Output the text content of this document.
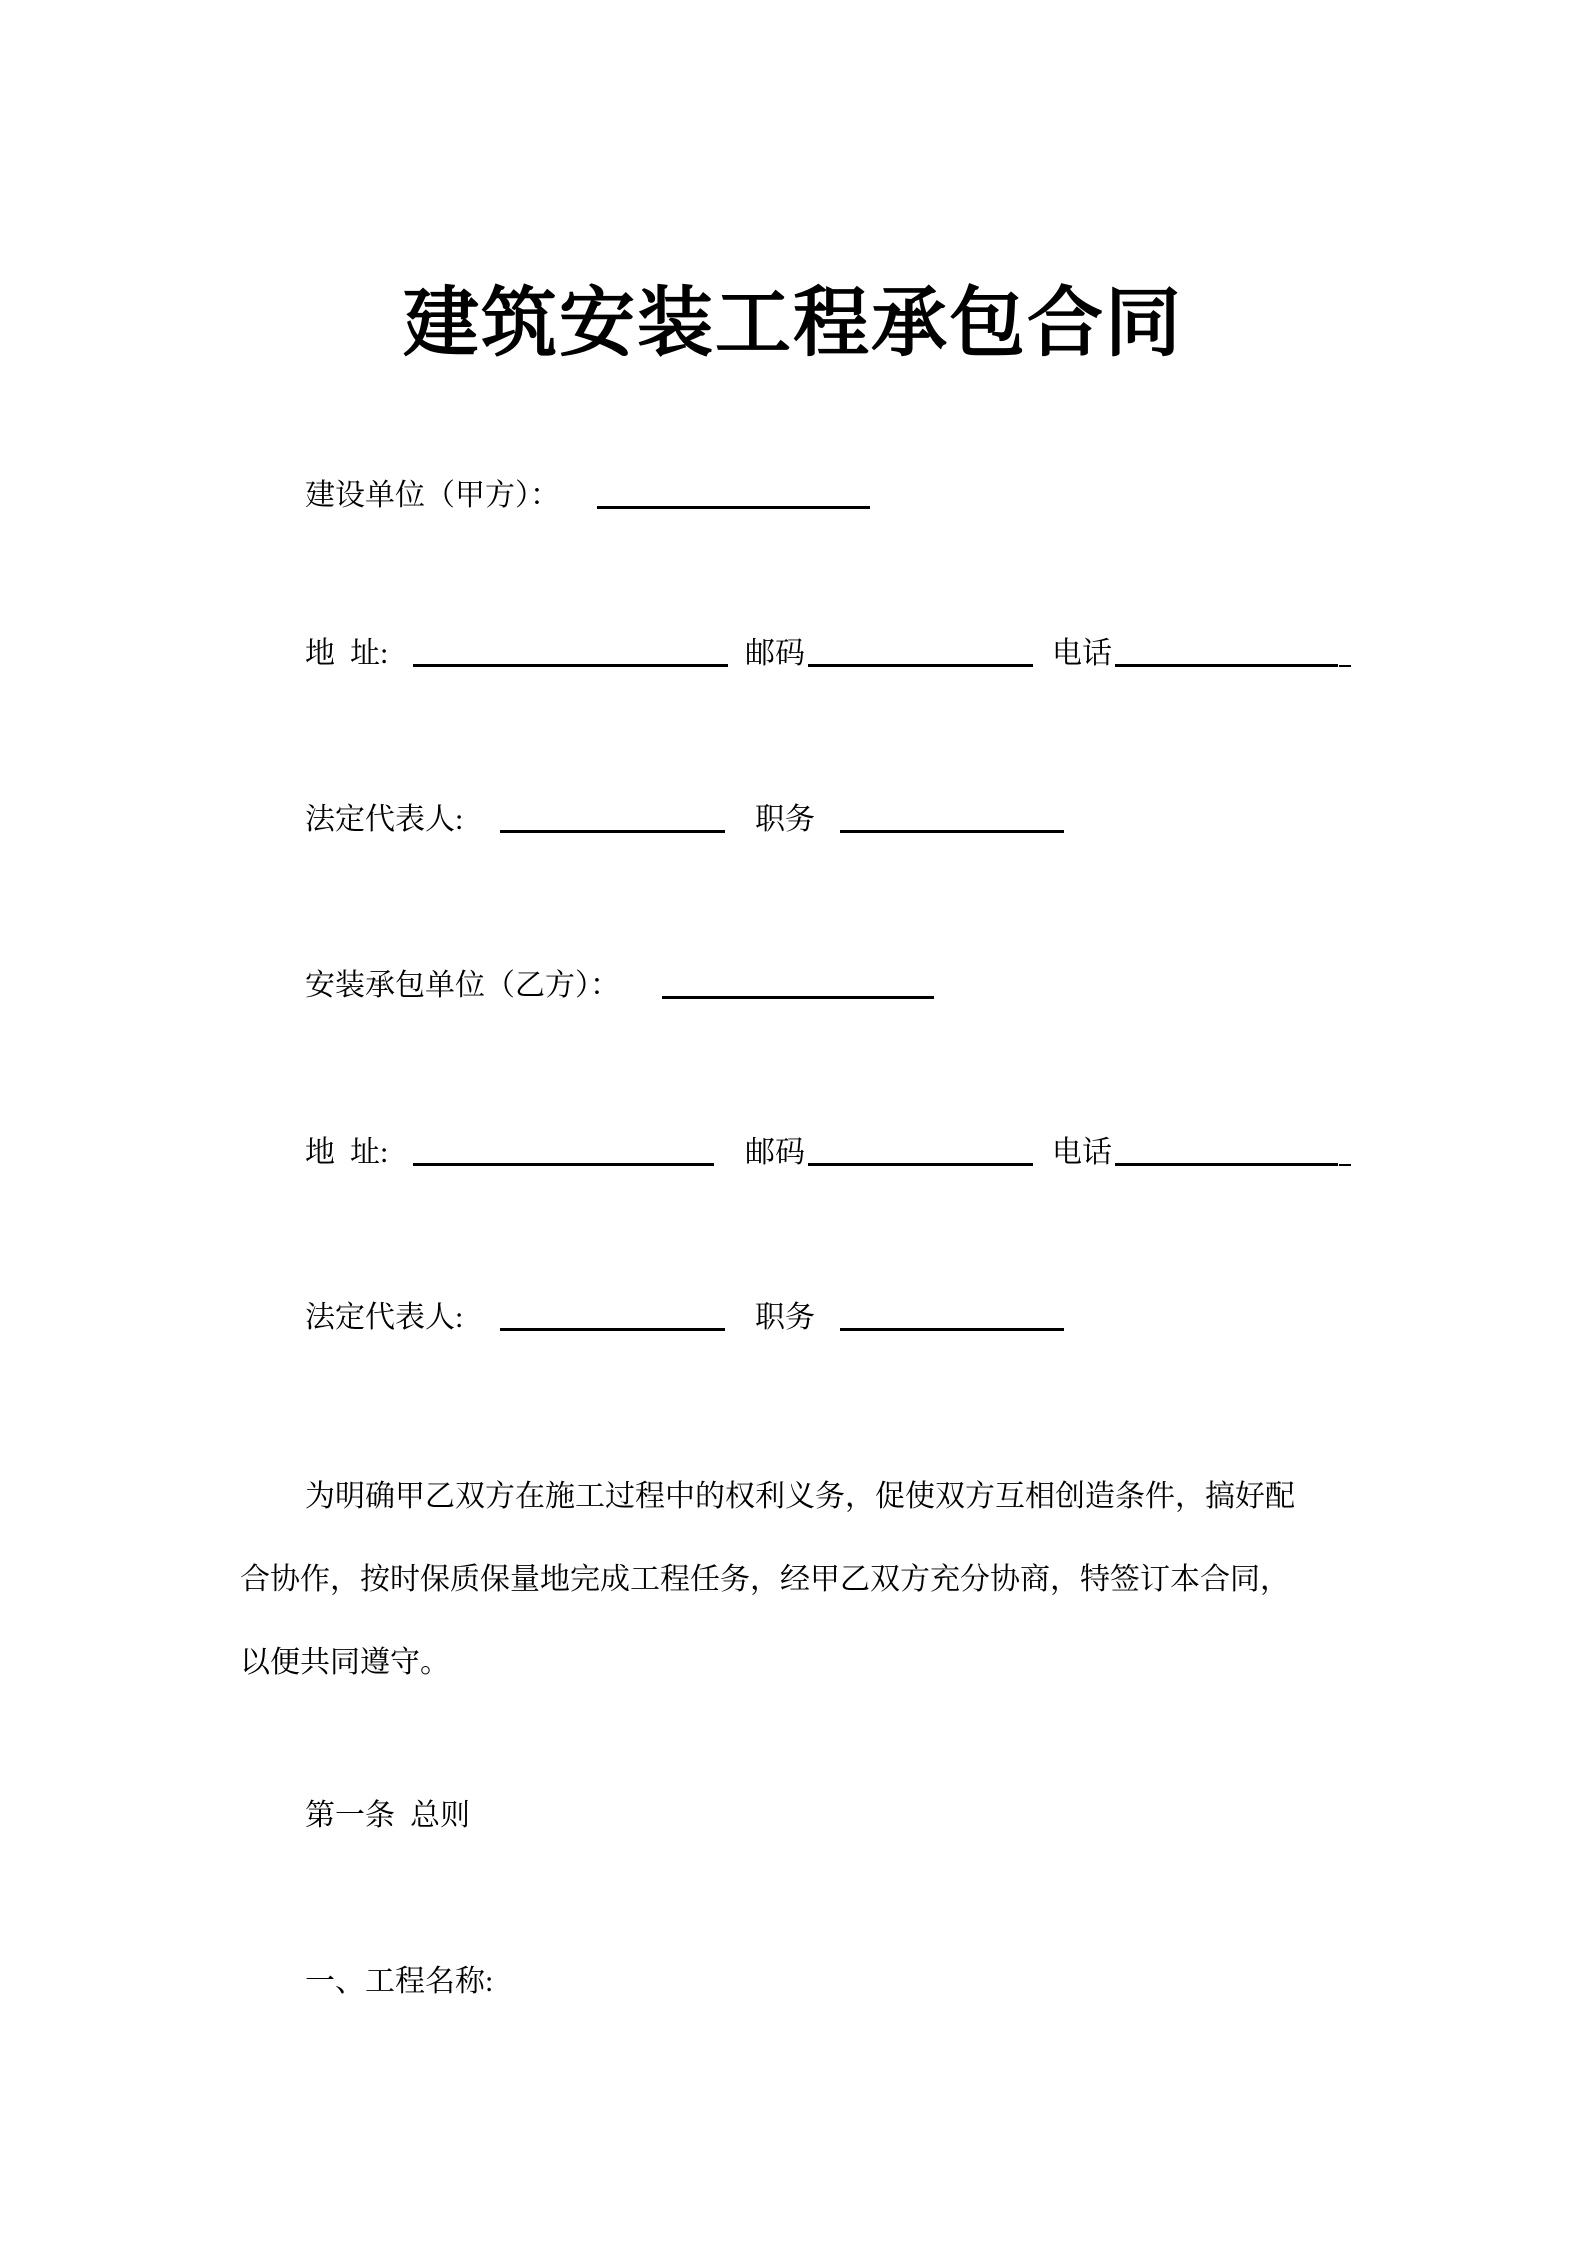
建筑安装工程承包合同
建设单位（甲方）：
地  址:	邮码	电话
法定代表人:	职务
安装承包单位（乙方）：
地  址:	邮码	电话
法定代表人:	职务

为明确甲乙双方在施工过程中的权利义务，促使双方互相创造条件，搞好配
合协作，按时保质保量地完成工程任务，经甲乙双方充分协商，特签订本合同，
以便共同遵守。

第一条  总则
一、工程名称:
